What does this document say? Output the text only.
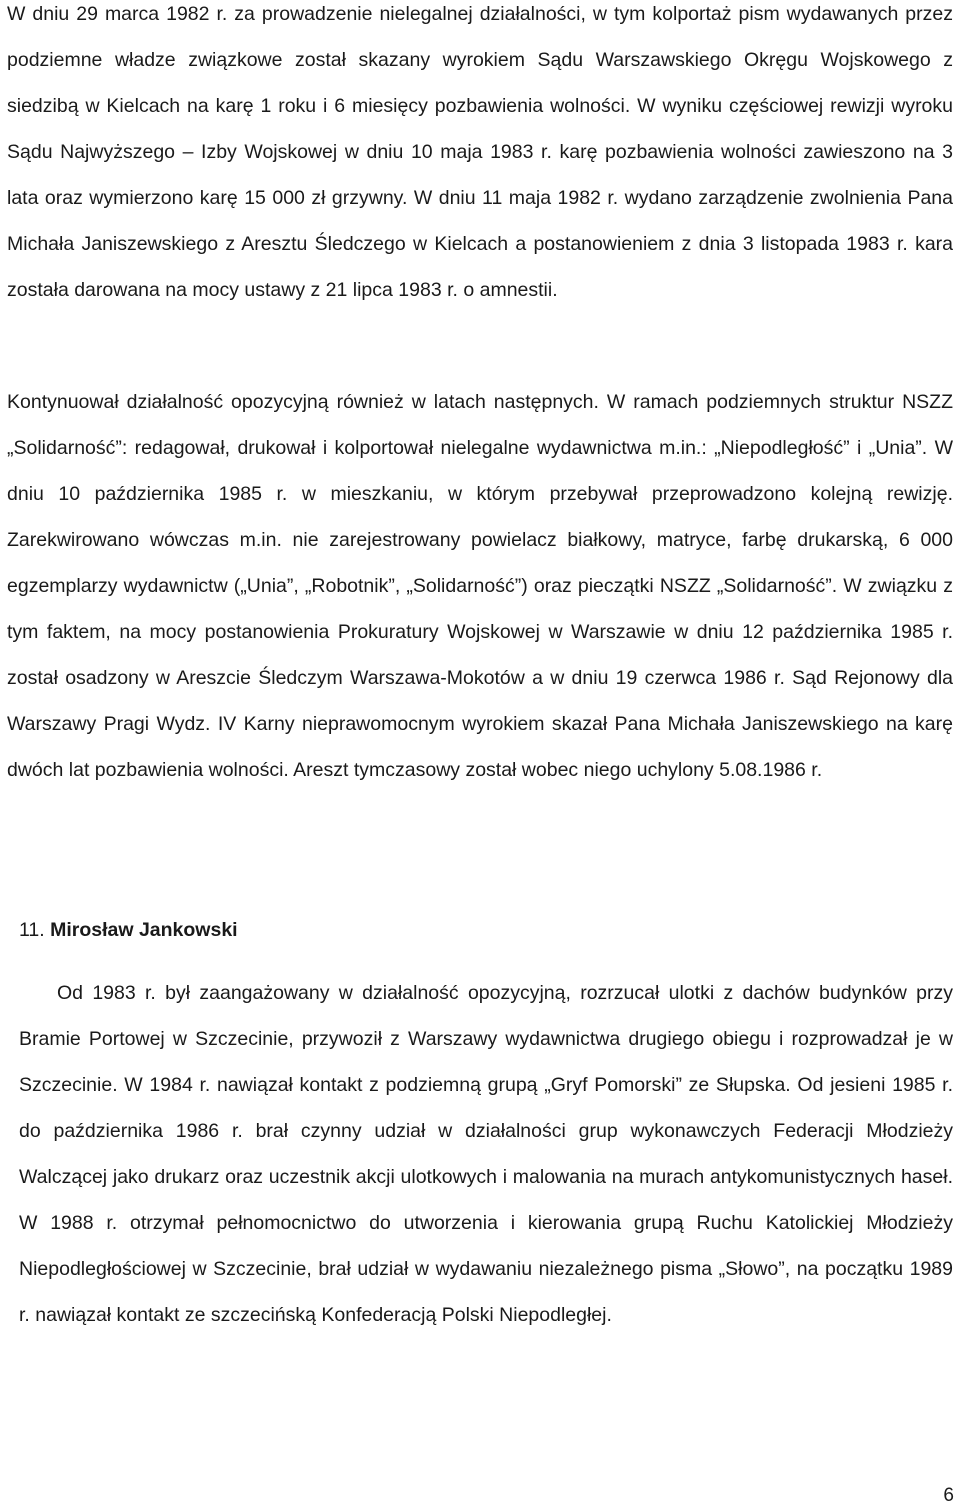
W dniu 29 marca 1982 r. za prowadzenie nielegalnej działalności, w tym kolportaż pism wydawanych przez podziemne władze związkowe został skazany wyrokiem Sądu Warszawskiego Okręgu Wojskowego z siedzibą w Kielcach na karę 1 roku i 6 miesięcy pozbawienia wolności. W wyniku częściowej rewizji wyroku Sądu Najwyższego – Izby Wojskowej w dniu 10 maja 1983 r. karę pozbawienia wolności zawieszono na 3 lata oraz wymierzono karę 15 000 zł grzywny. W dniu 11 maja 1982 r. wydano zarządzenie zwolnienia Pana Michała Janiszewskiego z Aresztu Śledczego w Kielcach a postanowieniem z dnia 3 listopada 1983 r. kara została darowana na mocy ustawy z 21 lipca 1983 r. o amnestii.

Kontynuował działalność opozycyjną również w latach następnych. W ramach podziemnych struktur NSZZ „Solidarność”: redagował, drukował i kolportował nielegalne wydawnictwa m.in.: „Niepodległość” i „Unia”. W dniu 10 października 1985 r. w mieszkaniu, w którym przebywał przeprowadzono kolejną rewizję. Zarekwirowano wówczas m.in. nie zarejestrowany powielacz białkowy, matryce, farbę drukarską, 6 000 egzemplarzy wydawnictw („Unia”, „Robotnik”, „Solidarność”) oraz pieczątki NSZZ „Solidarność”. W związku z tym faktem, na mocy postanowienia Prokuratury Wojskowej w Warszawie w dniu 12 października 1985 r. został osadzony w Areszcie Śledczym Warszawa-Mokotów a w dniu 19 czerwca 1986 r. Sąd Rejonowy dla Warszawy Pragi Wydz. IV Karny nieprawomocnym wyrokiem skazał Pana Michała Janiszewskiego na karę dwóch lat pozbawienia wolności. Areszt tymczasowy został wobec niego uchylony 5.08.1986 r.

11. Mirosław Jankowski

Od 1983 r. był zaangażowany w działalność opozycyjną, rozrzucał ulotki z dachów budynków przy Bramie Portowej w Szczecinie, przywoził z Warszawy wydawnictwa drugiego obiegu i rozprowadzał je w Szczecinie. W 1984 r. nawiązał kontakt z podziemną grupą „Gryf Pomorski” ze Słupska. Od jesieni 1985 r. do października 1986 r. brał czynny udział w działalności grup wykonawczych Federacji Młodzieży Walczącej jako drukarz oraz uczestnik akcji ulotkowych i malowania na murach antykomunistycznych haseł. W 1988 r. otrzymał pełnomocnictwo do utworzenia i kierowania grupą Ruchu Katolickiej Młodzieży Niepodległościowej w Szczecinie, brał udział w wydawaniu niezależnego pisma „Słowo”, na początku 1989 r. nawiązał kontakt ze szczecińską Konfederacją Polski Niepodległej.

6
